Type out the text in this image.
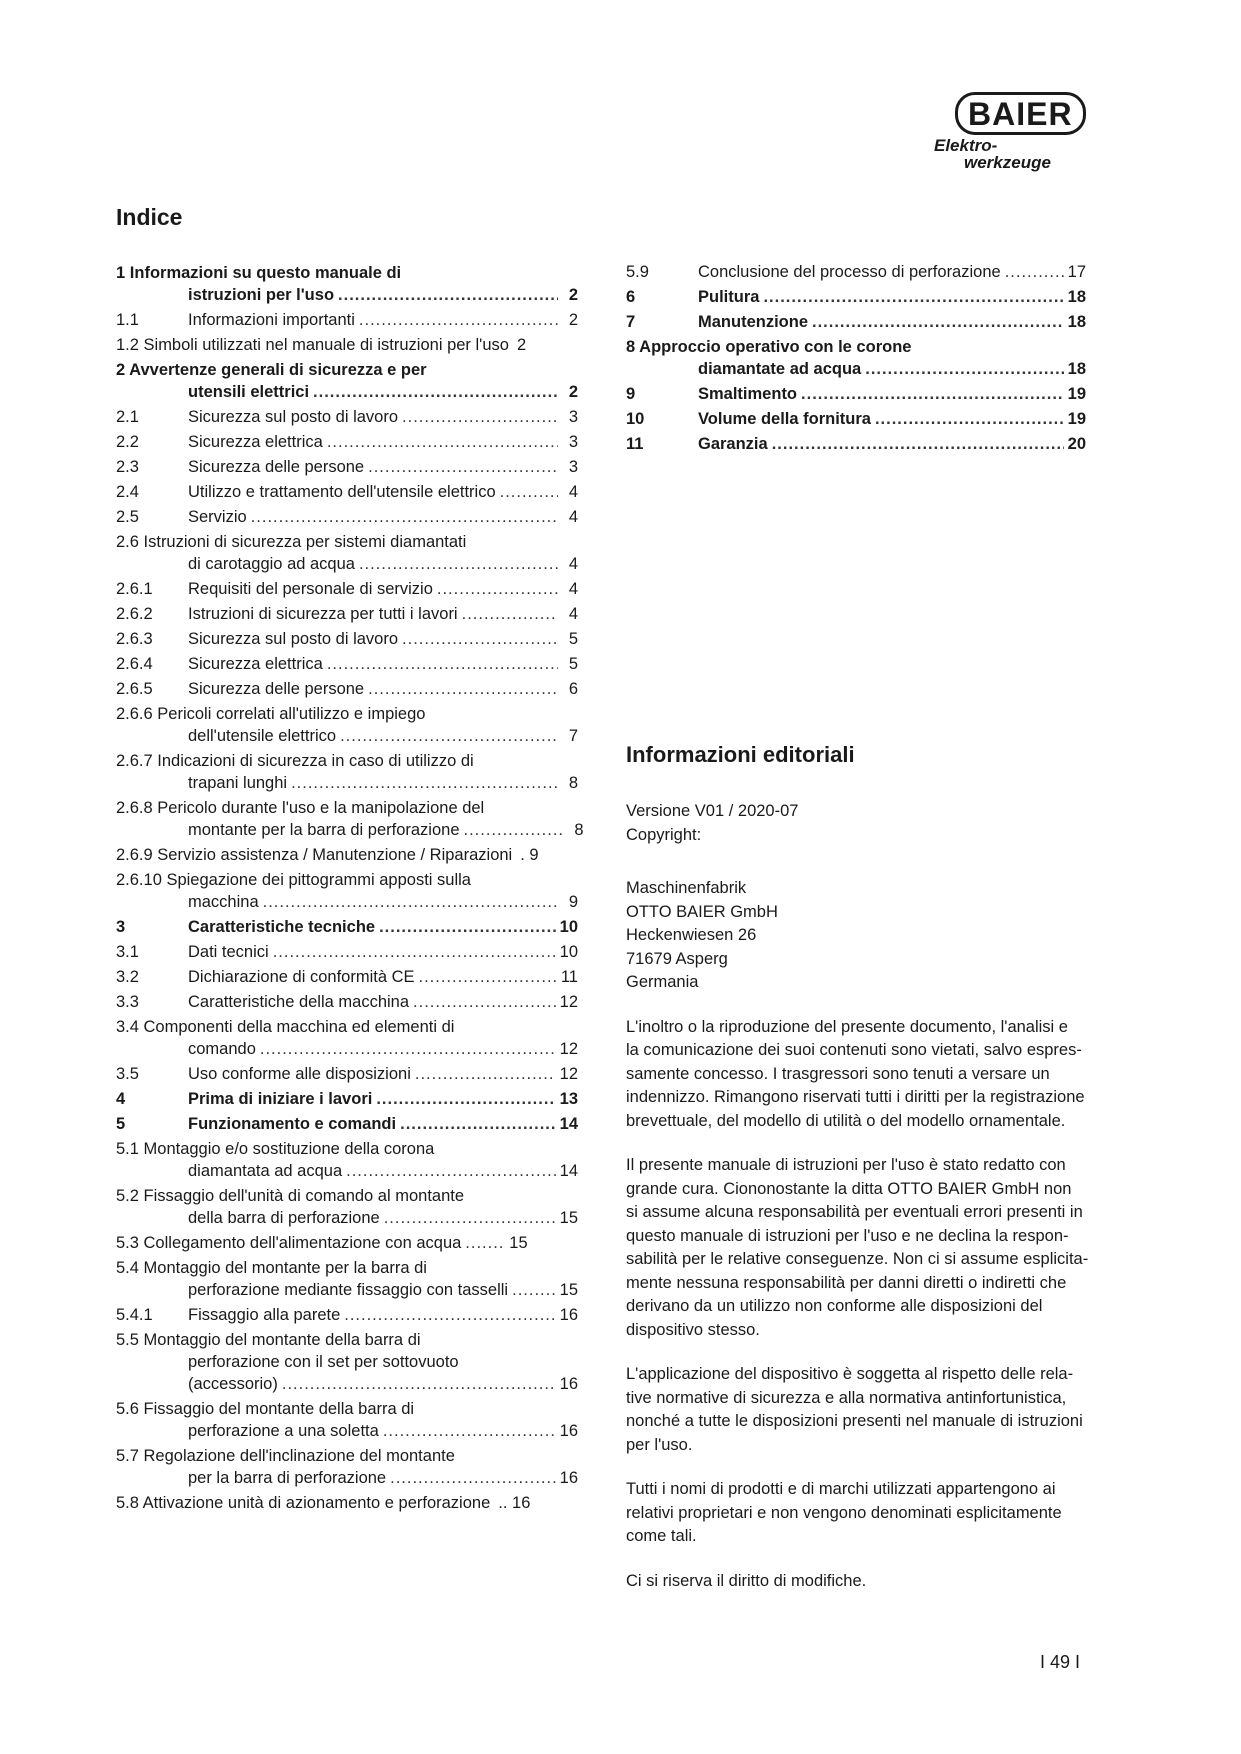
BAIER
Elektro-
werkzeuge
Indice
1 Informazioni su questo manuale di
istruzioni per l'uso .....	2
1.1	Informazioni importanti .....	2
1.2 Simboli utilizzati nel manuale di istruzioni per l'uso 2
2 Avvertenze generali di sicurezza e per
utensili elettrici .....	2
2.1	Sicurezza sul posto di lavoro .....	3
2.2	Sicurezza elettrica .....	3
2.3	Sicurezza delle persone .....	3
2.4	Utilizzo e trattamento dell'utensile elettrico .....	4
2.5	Servizio .....	4
2.6 Istruzioni di sicurezza per sistemi diamantati
di carotaggio ad acqua .....	4
2.6.1	Requisiti del personale di servizio .....	4
2.6.2	Istruzioni di sicurezza per tutti i lavori .....	4
2.6.3	Sicurezza sul posto di lavoro .....	5
2.6.4	Sicurezza elettrica .....	5
2.6.5	Sicurezza delle persone .....	6
2.6.6 Pericoli correlati all'utilizzo e impiego
dell'utensile elettrico .....	7
2.6.7 Indicazioni di sicurezza in caso di utilizzo di
trapani lunghi .....	8
2.6.8 Pericolo durante l'uso e la manipolazione del
montante per la barra di perforazione .....	8
2.6.9 Servizio assistenza / Manutenzione / Riparazioni . 9
2.6.10 Spiegazione dei pittogrammi apposti sulla
macchina .....	9
3	Caratteristiche tecniche .....	10
3.1	Dati tecnici .....	10
3.2	Dichiarazione di conformità CE .....	11
3.3	Caratteristiche della macchina .....	12
3.4 Componenti della macchina ed elementi di
comando .....	12
3.5	Uso conforme alle disposizioni .....	12
4	Prima di iniziare i lavori .....	13
5	Funzionamento e comandi .....	14
5.1 Montaggio e/o sostituzione della corona
diamantata ad acqua .....	14
5.2 Fissaggio dell'unità di comando al montante
della barra di perforazione .....	15
5.3 Collegamento dell'alimentazione con acqua .....	15
5.4 Montaggio del montante per la barra di
perforazione mediante fissaggio con tasselli .....	15
5.4.1	Fissaggio alla parete .....	16
5.5 Montaggio del montante della barra di
perforazione con il set per sottovuoto
(accessorio) .....	16
5.6 Fissaggio del montante della barra di
perforazione a una soletta .....	16
5.7 Regolazione dell'inclinazione del montante
per la barra di perforazione .....	16
5.8 Attivazione unità di azionamento e perforazione .. 16
5.9	Conclusione del processo di perforazione .....	17
6	Pulitura .....	18
7	Manutenzione .....	18
8 Approccio operativo con le corone
diamantate ad acqua .....	18
9	Smaltimento .....	19
10	Volume della fornitura .....	19
11	Garanzia .....	20
Informazioni editoriali

Versione V01 / 2020-07
Copyright:

Maschinenfabrik
OTTO BAIER GmbH
Heckenwiesen 26
71679 Asperg
Germania

L'inoltro o la riproduzione del presente documento, l'analisi e
la comunicazione dei suoi contenuti sono vietati, salvo espres-
samente concesso. I trasgressori sono tenuti a versare un
indennizzo. Rimangono riservati tutti i diritti per la registrazione
brevettuale, del modello di utilità o del modello ornamentale.

Il presente manuale di istruzioni per l'uso è stato redatto con
grande cura. Ciononostante la ditta OTTO BAIER GmbH non
si assume alcuna responsabilità per eventuali errori presenti in
questo manuale di istruzioni per l'uso e ne declina la respon-
sabilità per le relative conseguenze. Non ci si assume esplicita-
mente nessuna responsabilità per danni diretti o indiretti che
derivano da un utilizzo non conforme alle disposizioni del
dispositivo stesso.

L'applicazione del dispositivo è soggetta al rispetto delle rela-
tive normative di sicurezza e alla normativa antinfortunistica,
nonché a tutte le disposizioni presenti nel manuale di istruzioni
per l'uso.

Tutti i nomi di prodotti e di marchi utilizzati appartengono ai
relativi proprietari e non vengono denominati esplicitamente
come tali.

Ci si riserva il diritto di modifiche.

I 49 I
